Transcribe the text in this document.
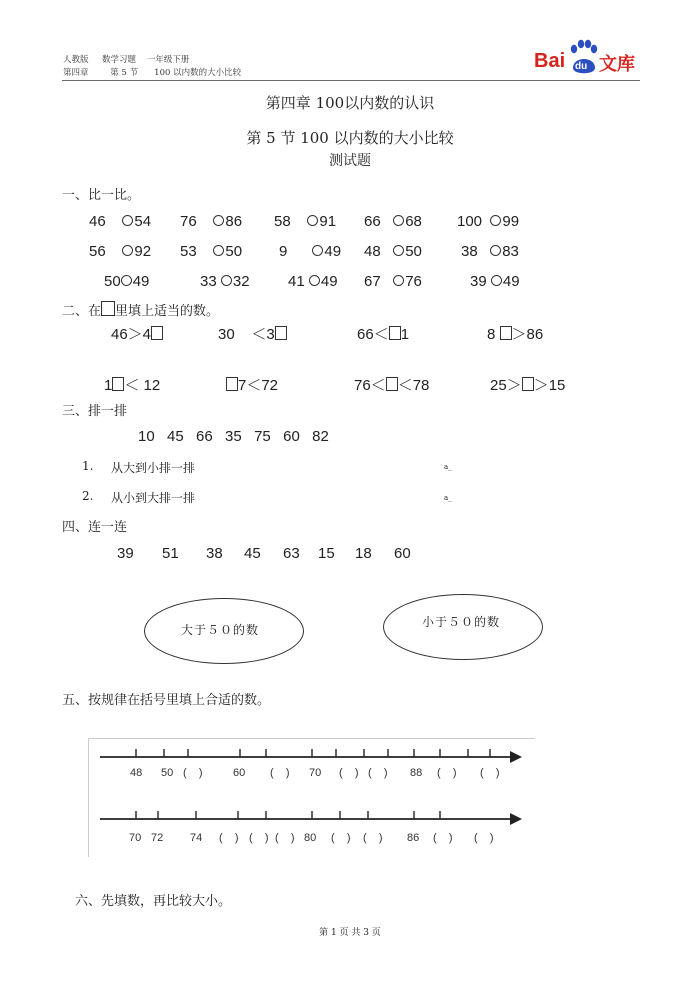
人教版 数学习题 一年级下册
第四章	第 5 节 100 以内数的大小比较
Bai du 文库
第四章 100以内数的认识
第 5 节 100 以内数的大小比较
测试题
一、比一比。
46 54 76 86 58 91 66 68 100 99
56 92 53 50 9 49 48 50	38 83
50 49	33 32	41 49 67 76	39 49
二、在 里填上适当的数。
46＞4	30 ＜3	66＜ 1	8 ＞86
1 ＜ 12	7＜72	76＜ ＜78	25＞ ＞15
三、排一排
10  45  66  35  75  60  82
1. 从大到小排一排	a_
2. 从小到大排一排	a_
四、连一连
39 51 38 45 63 15 18 60
大于５０的数
小于５０的数
五、按规律在括号里填上合适的数。
48 50 (    )	60 (    ) 70 (    ) (    ) 88 (    ) (    )
70 72 74 (    ) (    ) (    ) 80 (    ) (    ) 86 (    ) (    )
六、先填数，再比较大小。
第 1 页 共 3 页
